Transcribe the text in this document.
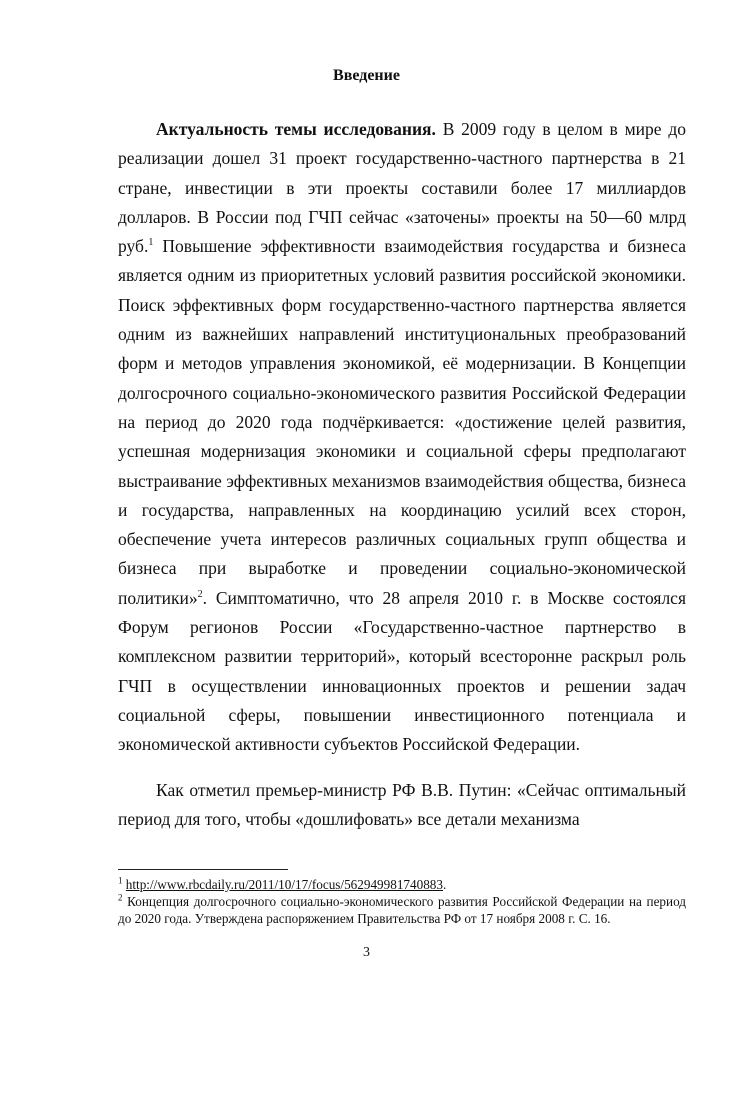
Введение

Актуальность темы исследования. В 2009 году в целом в мире до реализации дошел 31 проект государственно-частного партнерства в 21 стране, инвестиции в эти проекты составили более 17 миллиардов долларов. В России под ГЧП сейчас «заточены» проекты на 50—60 млрд руб.$^1$ Повышение эффективности взаимодействия государства и бизнеса является одним из приоритетных условий развития российской экономики. Поиск эффективных форм государственно-частного партнерства является одним из важнейших направлений институциональных преобразований форм и методов управления экономикой, её модернизации. В Концепции долгосрочного социально-экономического развития Российской Федерации на период до 2020 года подчёркивается: «достижение целей развития, успешная модернизация экономики и социальной сферы предполагают выстраивание эффективных механизмов взаимодействия общества, бизнеса и государства, направленных на координацию усилий всех сторон, обеспечение учета интересов различных социальных групп общества и бизнеса при выработке и проведении социально-экономической политики»$^2$. Симптоматично, что 28 апреля 2010 г. в Москве состоялся Форум регионов России «Государственно-частное партнерство в комплексном развитии территорий», который всесторонне раскрыл роль ГЧП в осуществлении инновационных проектов и решении задач социальной сферы, повышении инвестиционного потенциала и экономической активности субъектов Российской Федерации.

Как отметил премьер-министр РФ В.В. Путин: «Сейчас оптимальный период для того, чтобы «дошлифовать» все детали механизма

$^1$ http://www.rbcdaily.ru/2011/10/17/focus/562949981740883.

$^2$ Концепция долгосрочного социально-экономического развития Российской Федерации на период до 2020 года. Утверждена распоряжением Правительства РФ от 17 ноября 2008 г. С. 16.

3
